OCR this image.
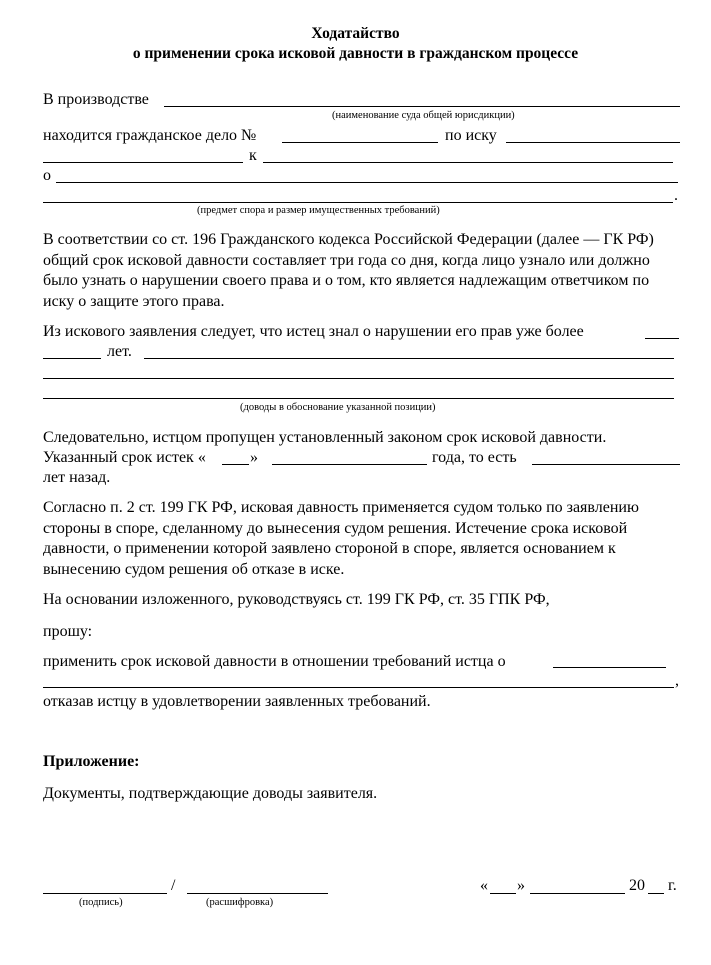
Ходатайство
о применении срока исковой давности в гражданском процессе
В производстве
(наименование суда общей юрисдикции)
находится гражданское дело №	по иску
к
о
.
(предмет спора и размер имущественных требований)
В соответствии со ст. 196 Гражданского кодекса Российской Федерации (далее — ГК РФ) общий срок исковой давности составляет три года со дня, когда лицо узнало или должно было узнать о нарушении своего права и о том, кто является надлежащим ответчиком по иску о защите этого права.
Из искового заявления следует, что истец знал о нарушении его прав уже более
лет.
(доводы в обоснование указанной позиции)
Следовательно, истцом пропущен установленный законом срок исковой давности.
Указанный срок истек «	»	года, то есть
лет назад.
Согласно п. 2 ст. 199 ГК РФ, исковая давность применяется судом только по заявлению стороны в споре, сделанному до вынесения судом решения. Истечение срока исковой давности, о применении которой заявлено стороной в споре, является основанием к вынесению судом решения об отказе в иске.
На основании изложенного, руководствуясь ст. 199 ГК РФ, ст. 35 ГПК РФ,
прошу:
применить срок исковой давности в отношении требований истца о
,
отказав истцу в удовлетворении заявленных требований.
Приложение:
Документы, подтверждающие доводы заявителя.
/
(подпись)	(расшифровка)
« »	20 г.
